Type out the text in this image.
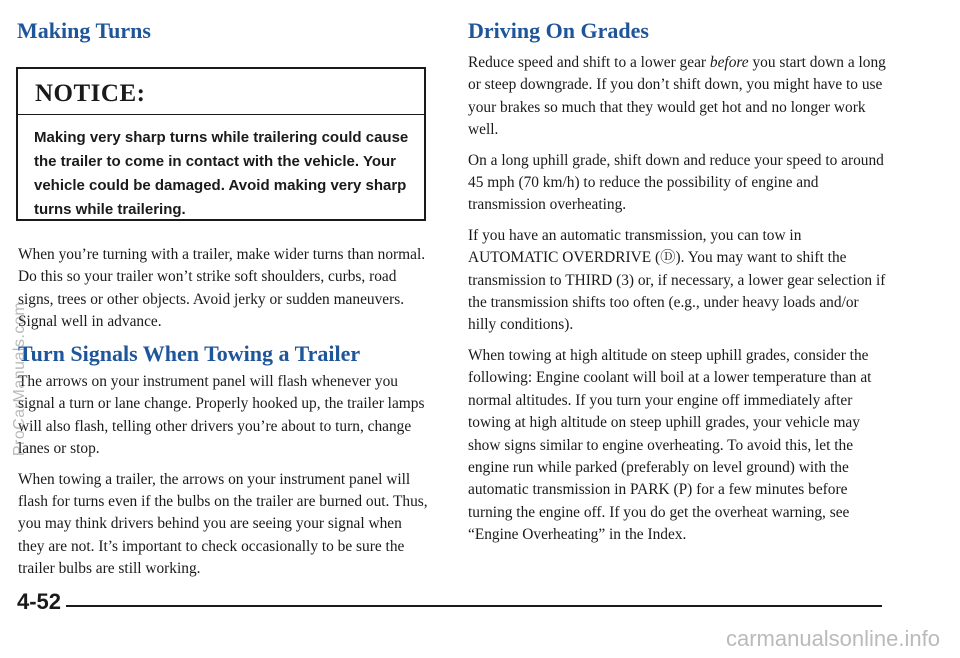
Making Turns

NOTICE:

Making very sharp turns while trailering could cause the trailer to come in contact with the vehicle. Your vehicle could be damaged. Avoid making very sharp turns while trailering.

When you’re turning with a trailer, make wider turns than normal. Do this so your trailer won’t strike soft shoulders, curbs, road signs, trees or other objects. Avoid jerky or sudden maneuvers. Signal well in advance.

Turn Signals When Towing a Trailer

The arrows on your instrument panel will flash whenever you signal a turn or lane change. Properly hooked up, the trailer lamps will also flash, telling other drivers you’re about to turn, change lanes or stop.

When towing a trailer, the arrows on your instrument panel will flash for turns even if the bulbs on the trailer are burned out. Thus, you may think drivers behind you are seeing your signal when they are not. It’s important to check occasionally to be sure the trailer bulbs are still working.

Driving On Grades

Reduce speed and shift to a lower gear before you start down a long or steep downgrade. If you don’t shift down, you might have to use your brakes so much that they would get hot and no longer work well.

On a long uphill grade, shift down and reduce your speed to around 45 mph (70 km/h) to reduce the possibility of engine and transmission overheating.

If you have an automatic transmission, you can tow in AUTOMATIC OVERDRIVE (Ⓓ). You may want to shift the transmission to THIRD (3) or, if necessary, a lower gear selection if the transmission shifts too often (e.g., under heavy loads and/or hilly conditions).

When towing at high altitude on steep uphill grades, consider the following: Engine coolant will boil at a lower temperature than at normal altitudes. If you turn your engine off immediately after towing at high altitude on steep uphill grades, your vehicle may show signs similar to engine overheating. To avoid this, let the engine run while parked (preferably on level ground) with the automatic transmission in PARK (P) for a few minutes before turning the engine off. If you do get the overheat warning, see “Engine Overheating” in the Index.

4-52

ProCarManuals.com
carmanualsonline.info
